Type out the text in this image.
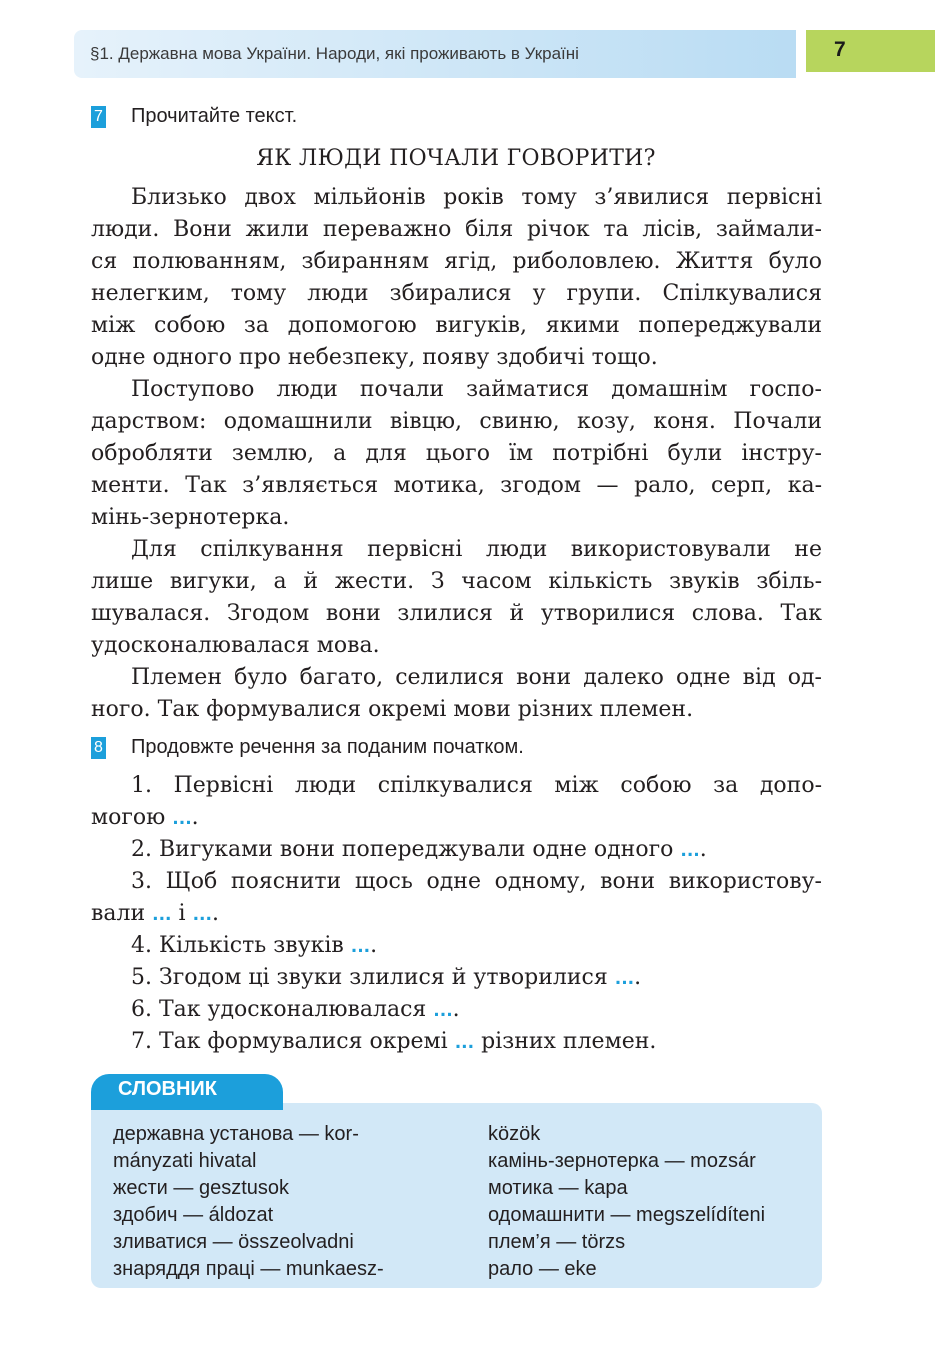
§1. Державна мова України. Народи, які проживають в Україні	7
7 Прочитайте текст.
ЯК ЛЮДИ ПОЧАЛИ ГОВОРИТИ?
Близько двох мільйонів років тому з’явилися первісні
люди. Вони жили переважно біля річок та лісів, займали-
ся полюванням, збиранням ягід, риболовлею. Життя було
нелегким, тому люди збиралися у групи. Спілкувалися
між собою за допомогою вигуків, якими попереджували
одне одного про небезпеку, появу здобичі тощо.
Поступово люди почали займатися домашнім госпо-
дарством: одомашнили вівцю, свиню, козу, коня. Почали
обробляти землю, а для цього їм потрібні були інстру-
менти. Так з’являється мотика, згодом — рало, серп, ка-
мінь-зернотерка.
Для спілкування первісні люди використовували не
лише вигуки, а й жести. З часом кількість звуків збіль-
шувалася. Згодом вони злилися й утворилися слова. Так
удосконалювалася мова.
Племен було багато, селилися вони далеко одне від од-
ного. Так формувалися окремі мови різних племен.
8 Продовжте речення за поданим початком.
1. Первісні люди спілкувалися між собою за допо-
могою ....
2. Вигуками вони попереджували одне одного ....
3. Щоб пояснити щось одне одному, вони використову-
вали ... і ....
4. Кількість звуків ....
5. Згодом ці звуки злилися й утворилися ....
6. Так удосконалювалася ....
7. Так формувалися окремі ... різних племен.
СЛОВНИК
державна установа — kor-
mányzati hivatal
жести — gesztusok
здобич — áldozat
зливатися — összeolvadni
знаряддя праці — munkaesz-
közök
камінь-зернотерка — mozsár
мотика — kapa
одомашнити — megszelídíteni
плем’я — törzs
рало — eke
